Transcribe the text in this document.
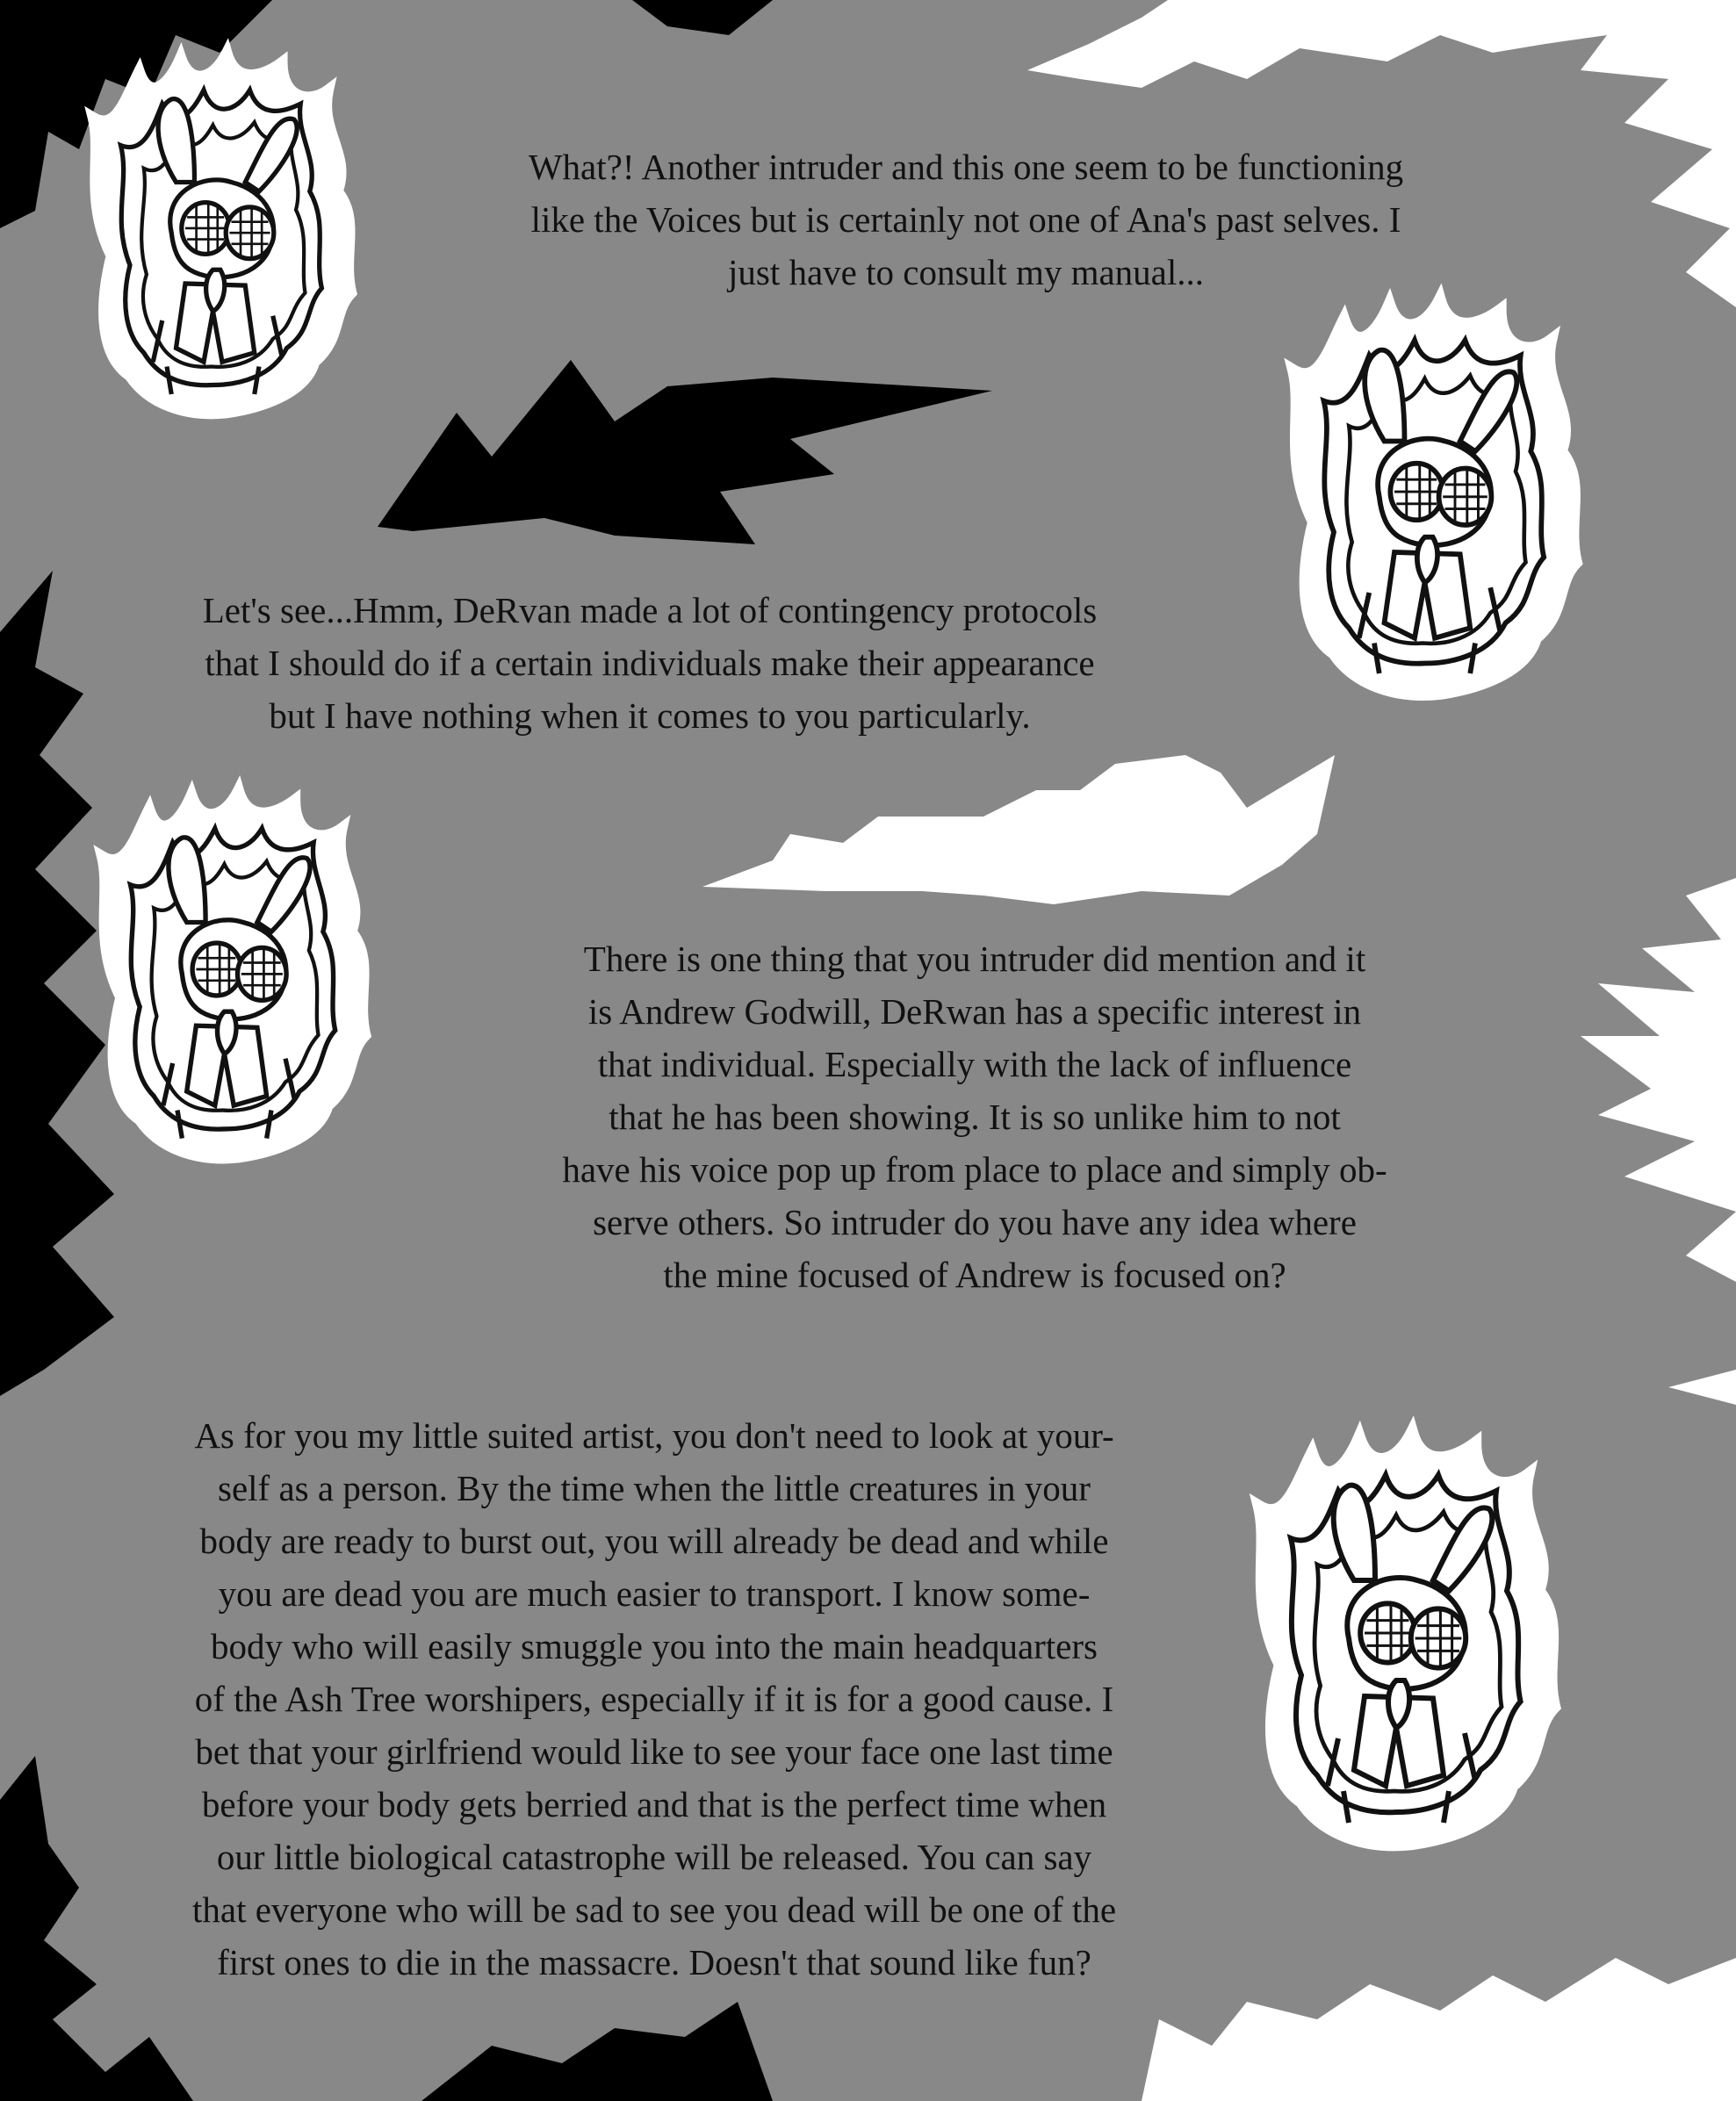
What?! Another intruder and this one seem to be functioning
like the Voices but is certainly not one of Ana's past selves. I
just have to consult my manual...

Let's see...Hmm, DeRvan made a lot of contingency protocols
that I should do if a certain individuals make their appearance
but I have nothing when it comes to you particularly.

There is one thing that you intruder did mention and it
is Andrew Godwill, DeRwan has a specific interest in
that individual. Especially with the lack of influence
that he has been showing. It is so unlike him to not
have his voice pop up from place to place and simply ob-
serve others. So intruder do you have any idea where
the mine focused of Andrew is focused on?

As for you my little suited artist, you don't need to look at your-
self as a person. By the time when the little creatures in your
body are ready to burst out, you will already be dead and while
you are dead you are much easier to transport. I know some-
body who will easily smuggle you into the main headquarters
of the Ash Tree worshipers, especially if it is for a good cause. I
bet that your girlfriend would like to see your face one last time
before your body gets berried and that is the perfect time when
our little biological catastrophe will be released. You can say
that everyone who will be sad to see you dead will be one of the
first ones to die in the massacre. Doesn't that sound like fun?
